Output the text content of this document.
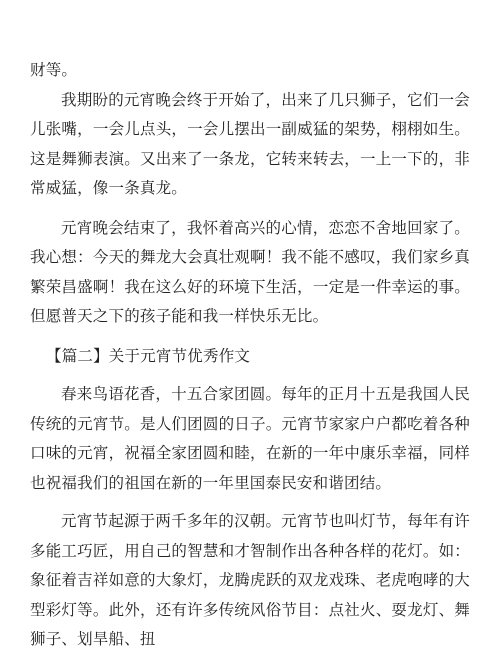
财等。

我期盼的元宵晚会终于开始了，出来了几只狮子，它们一会儿张嘴，一会儿点头，一会儿摆出一副威猛的架势，栩栩如生。这是舞狮表演。又出来了一条龙，它转来转去，一上一下的，非常威猛，像一条真龙。

元宵晚会结束了，我怀着高兴的心情，恋恋不舍地回家了。我心想：今天的舞龙大会真壮观啊！我不能不感叹，我们家乡真繁荣昌盛啊！我在这么好的环境下生活，一定是一件幸运的事。但愿普天之下的孩子能和我一样快乐无比。

【篇二】关于元宵节优秀作文

春来鸟语花香，十五合家团圆。每年的正月十五是我国人民传统的元宵节。是人们团圆的日子。元宵节家家户户都吃着各种口味的元宵，祝福全家团圆和睦，在新的一年中康乐幸福，同样也祝福我们的祖国在新的一年里国泰民安和谐团结。

元宵节起源于两千多年的汉朝。元宵节也叫灯节，每年有许多能工巧匠，用自己的智慧和才智制作出各种各样的花灯。如：象征着吉祥如意的大象灯，龙腾虎跃的双龙戏珠、老虎咆哮的大型彩灯等。此外，还有许多传统风俗节目：点社火、耍龙灯、舞狮子、划旱船、扭
